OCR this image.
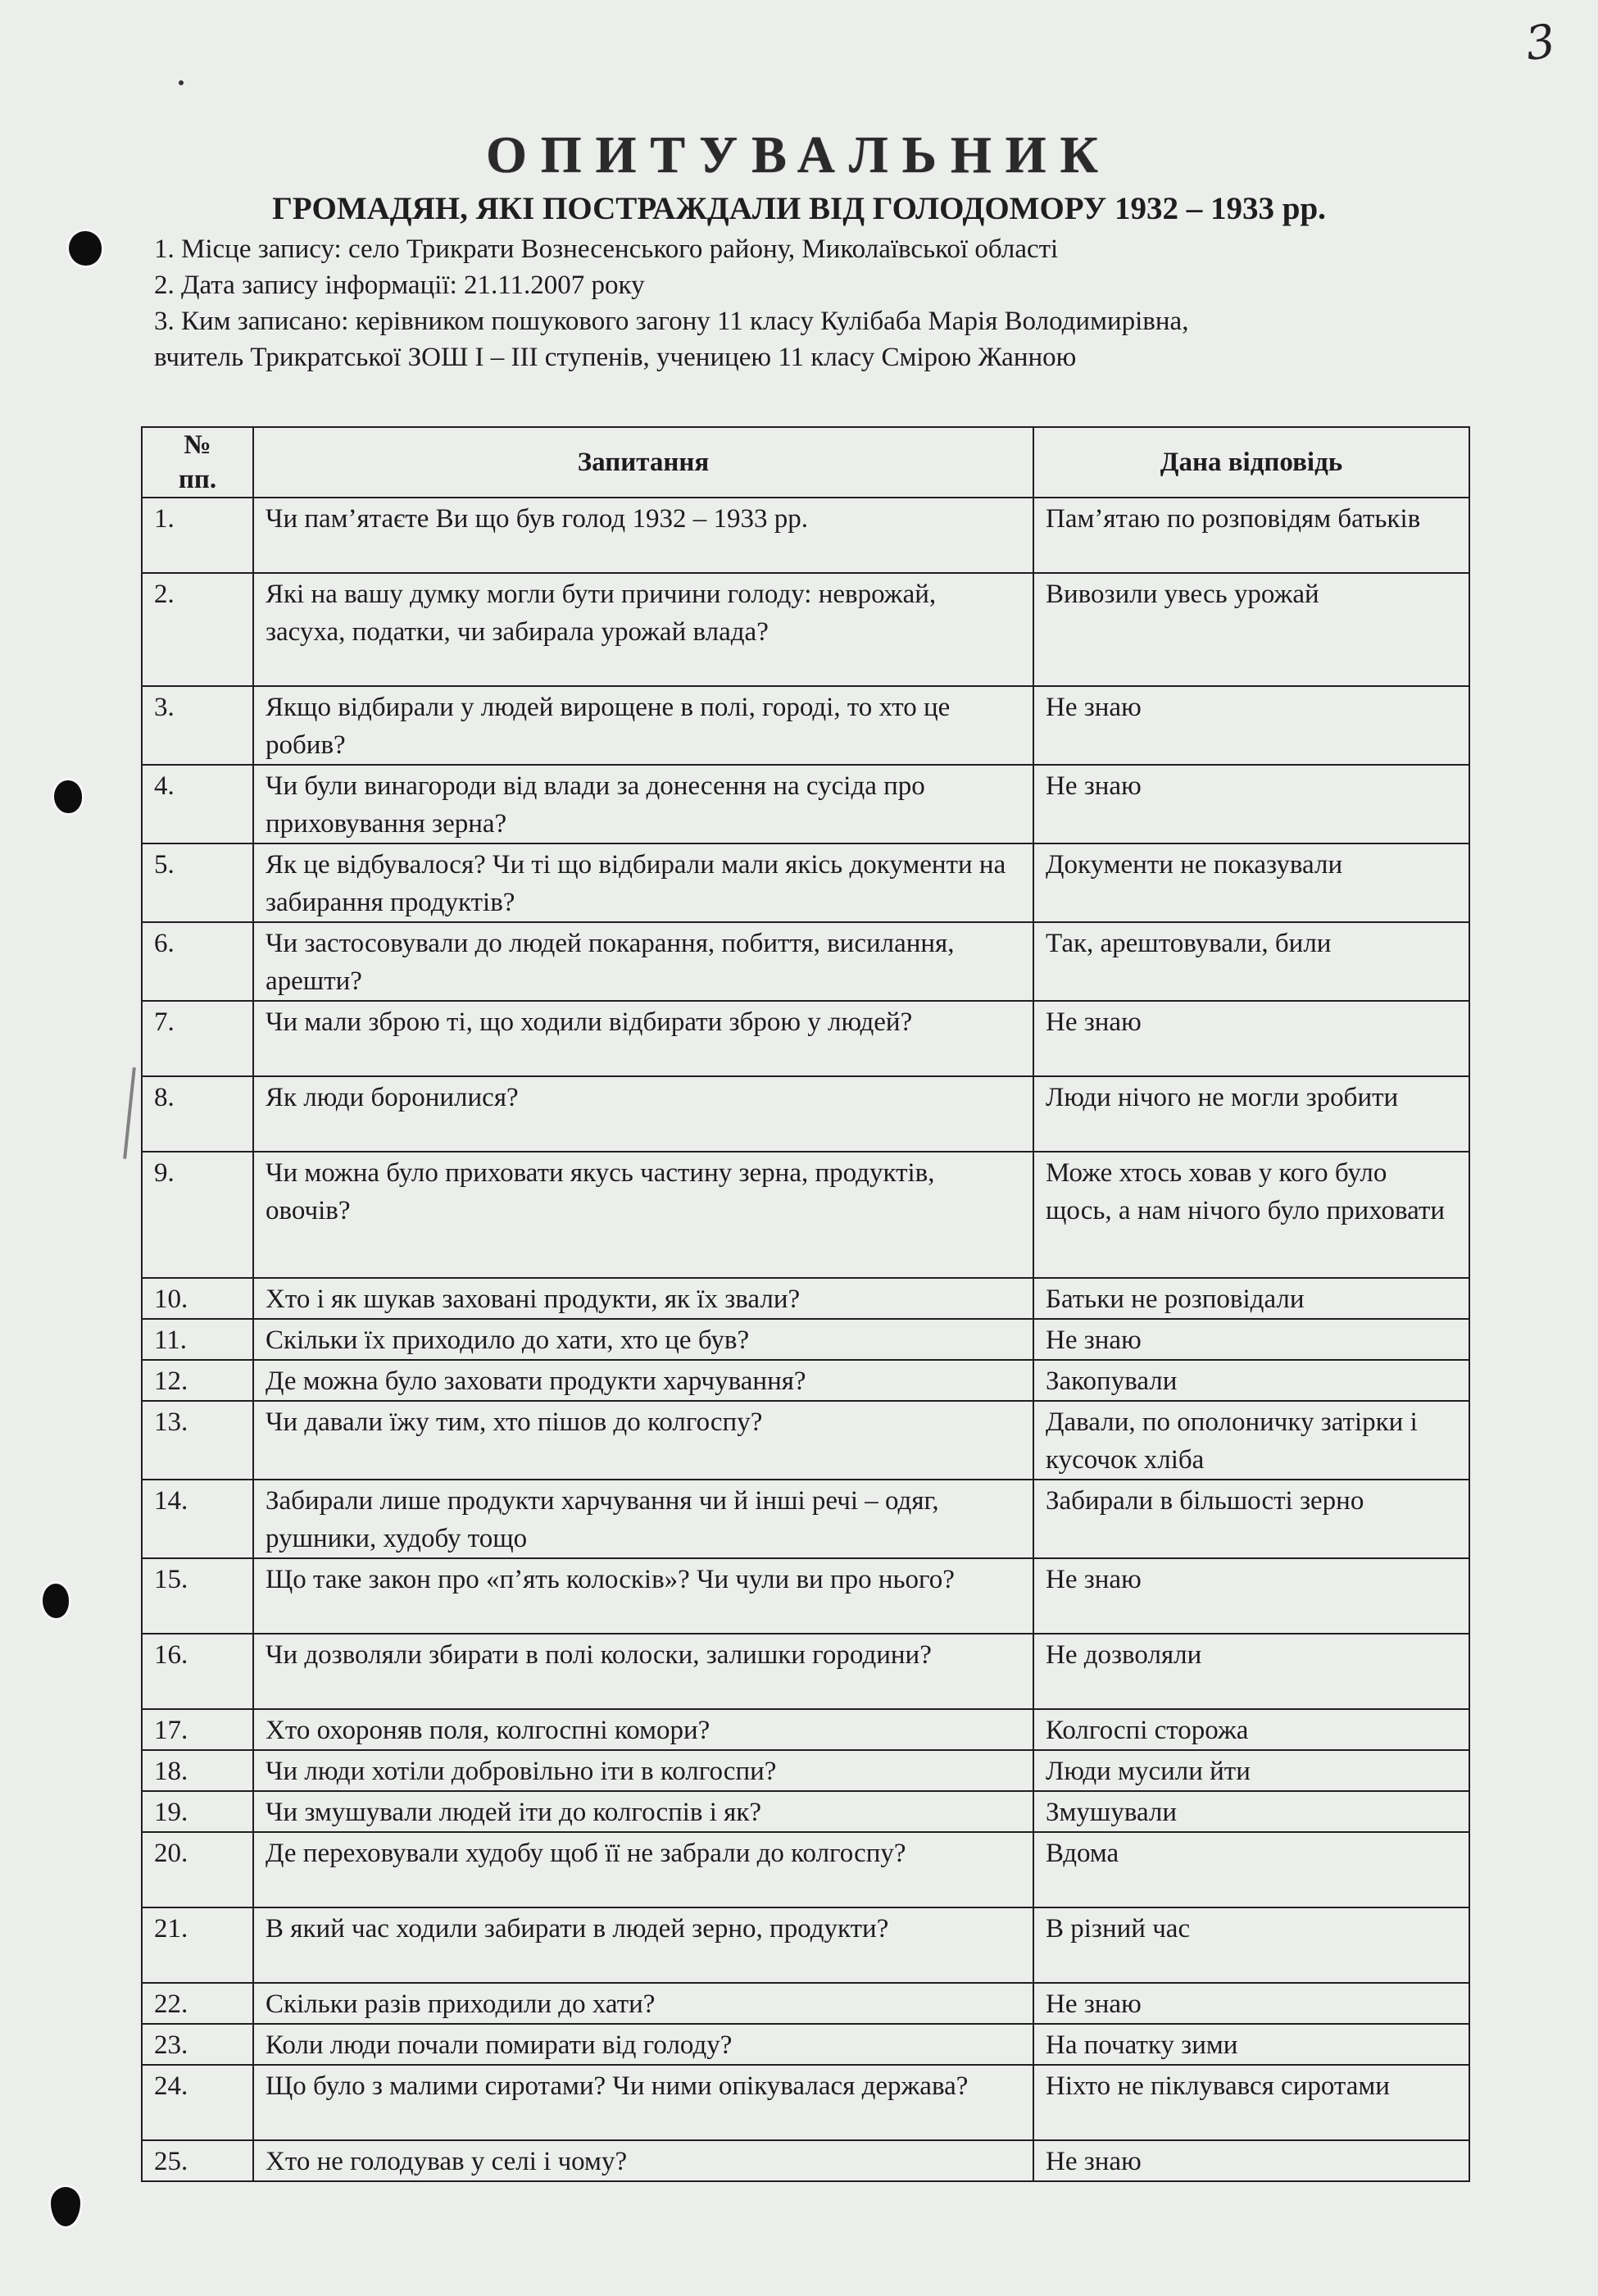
3
ОПИТУВАЛЬНИК
ГРОМАДЯН, ЯКІ ПОСТРАЖДАЛИ ВІД ГОЛОДОМОРУ 1932 – 1933 рр.
1. Місце запису: село Трикрати Вознесенського району, Миколаївської області
2. Дата запису інформації: 21.11.2007 року
3. Ким записано: керівником пошукового загону 11 класу Кулібаба Марія Володимирівна,
вчитель Трикратської ЗОШ І – ІІІ ступенів, ученицею 11 класу Смірою Жанною
№
пп.	Запитання	Дана відповідь
1.	Чи пам’ятаєте Ви що був голод 1932 – 1933 рр.	Пам’ятаю по розповідям батьків
2.	Які на вашу думку могли бути причини голоду: неврожай, засуха, податки, чи забирала урожай влада?	Вивозили увесь урожай
3.	Якщо відбирали у людей вирощене в полі, городі, то хто це робив?	Не знаю
4.	Чи були винагороди від влади за донесення на сусіда про приховування зерна?	Не знаю
5.	Як це відбувалося? Чи ті що відбирали мали якісь документи на забирання продуктів?	Документи не показували
6.	Чи застосовували до людей покарання, побиття, висилання, арешти?	Так, арештовували, били
7.	Чи мали зброю ті, що ходили відбирати зброю у людей?	Не знаю
8.	Як люди боронилися?	Люди нічого не могли зробити
9.	Чи можна було приховати якусь частину зерна, продуктів, овочів?	Може хтось ховав у кого було щось, а нам нічого було приховати
10.	Хто і як шукав заховані продукти, як їх звали?	Батьки не розповідали
11.	Скільки їх приходило до хати, хто це був?	Не знаю
12.	Де можна було заховати продукти харчування?	Закопували
13.	Чи давали їжу тим, хто пішов до колгоспу?	Давали, по ополоничку затірки і кусочок хліба
14.	Забирали лише продукти харчування чи й інші речі – одяг, рушники, худобу тощо	Забирали в більшості зерно
15.	Що таке закон про «п’ять колосків»? Чи чули ви про нього?	Не знаю
16.	Чи дозволяли збирати в полі колоски, залишки городини?	Не дозволяли
17.	Хто охороняв поля, колгоспні комори?	Колгоспі сторожа
18.	Чи люди хотіли добровільно іти в колгоспи?	Люди мусили йти
19.	Чи змушували людей іти до колгоспів і як?	Змушували
20.	Де переховували худобу щоб її не забрали до колгоспу?	Вдома
21.	В який час ходили забирати в людей зерно, продукти?	В різний час
22.	Скільки разів приходили до хати?	Не знаю
23.	Коли люди почали помирати від голоду?	На початку зими
24.	Що було з малими сиротами? Чи ними опікувалася держава?	Ніхто не піклувався сиротами
25.	Хто не голодував у селі і чому?	Не знаю
